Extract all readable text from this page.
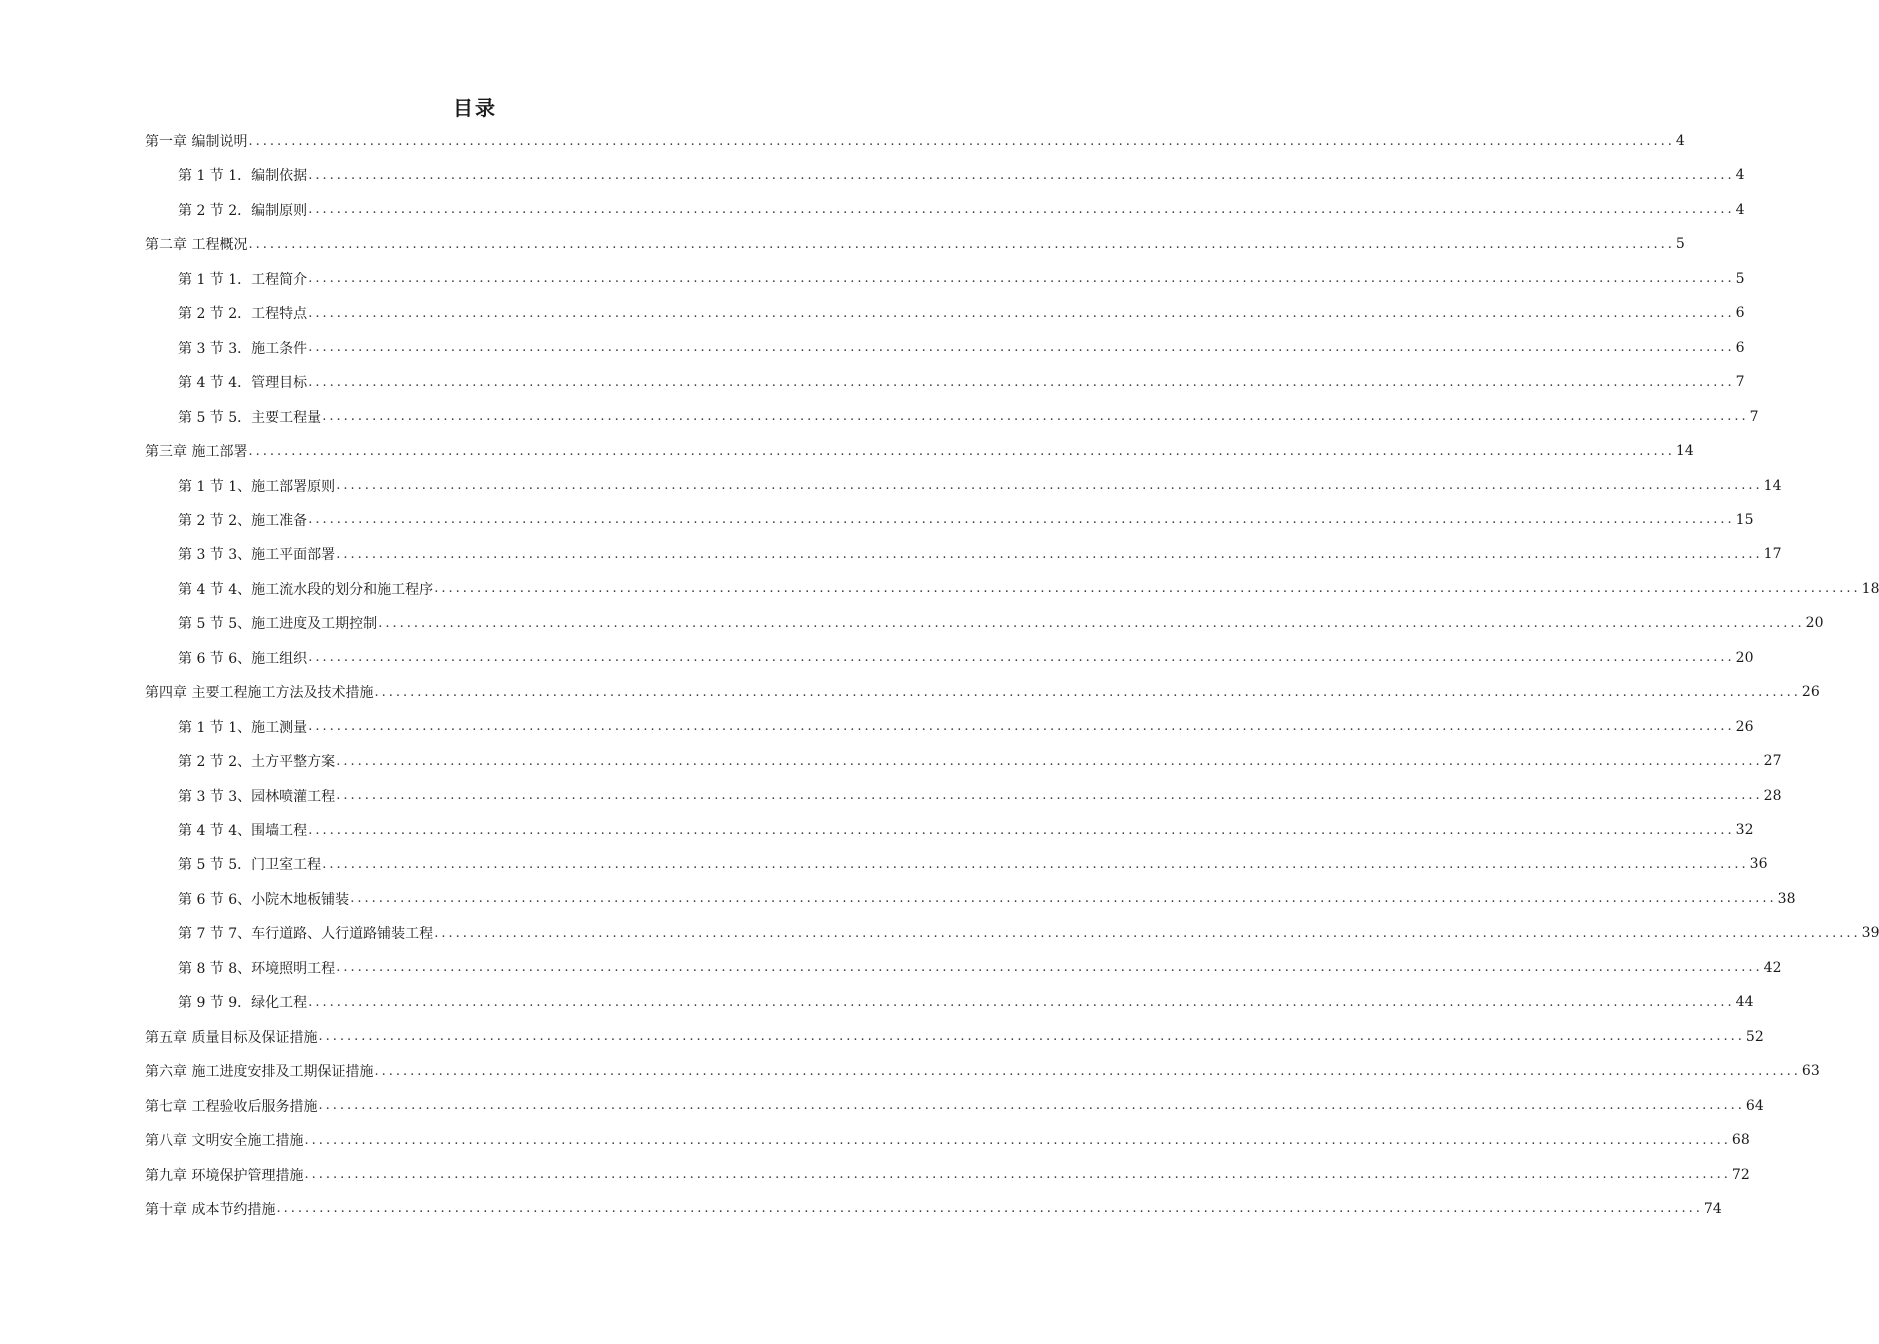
目录
第一章 编制说明 ........................................................................................................................................................................................................ 4
第 1 节 1．编制依据 ........................................................................................................................................................................................................ 4
第 2 节 2．编制原则 ........................................................................................................................................................................................................ 4
第二章 工程概况 ........................................................................................................................................................................................................ 5
第 1 节 1．工程简介 ........................................................................................................................................................................................................ 5
第 2 节 2．工程特点 ........................................................................................................................................................................................................ 6
第 3 节 3．施工条件 ........................................................................................................................................................................................................ 6
第 4 节 4．管理目标 ........................................................................................................................................................................................................ 7
第 5 节 5．主要工程量 ........................................................................................................................................................................................................ 7
第三章 施工部署 ........................................................................................................................................................................................................ 14
第 1 节 1、施工部署原则 ........................................................................................................................................................................................................ 14
第 2 节 2、施工准备 ........................................................................................................................................................................................................ 15
第 3 节 3、施工平面部署 ........................................................................................................................................................................................................ 17
第 4 节 4、施工流水段的划分和施工程序 ........................................................................................................................................................................................................ 18
第 5 节 5、施工进度及工期控制 ........................................................................................................................................................................................................ 20
第 6 节 6、施工组织 ........................................................................................................................................................................................................ 20
第四章 主要工程施工方法及技术措施 ........................................................................................................................................................................................................ 26
第 1 节 1、施工测量 ........................................................................................................................................................................................................ 26
第 2 节 2、土方平整方案 ........................................................................................................................................................................................................ 27
第 3 节 3、园林喷灌工程 ........................................................................................................................................................................................................ 28
第 4 节 4、围墙工程 ........................................................................................................................................................................................................ 32
第 5 节 5．门卫室工程 ........................................................................................................................................................................................................ 36
第 6 节 6、小院木地板铺装 ........................................................................................................................................................................................................ 38
第 7 节 7、车行道路、人行道路铺装工程 ........................................................................................................................................................................................................ 39
第 8 节 8、环境照明工程 ........................................................................................................................................................................................................ 42
第 9 节 9．绿化工程 ........................................................................................................................................................................................................ 44
第五章 质量目标及保证措施 ........................................................................................................................................................................................................ 52
第六章 施工进度安排及工期保证措施 ........................................................................................................................................................................................................ 63
第七章 工程验收后服务措施 ........................................................................................................................................................................................................ 64
第八章 文明安全施工措施 ........................................................................................................................................................................................................ 68
第九章 环境保护管理措施 ........................................................................................................................................................................................................ 72
第十章 成本节约措施 ........................................................................................................................................................................................................ 74
